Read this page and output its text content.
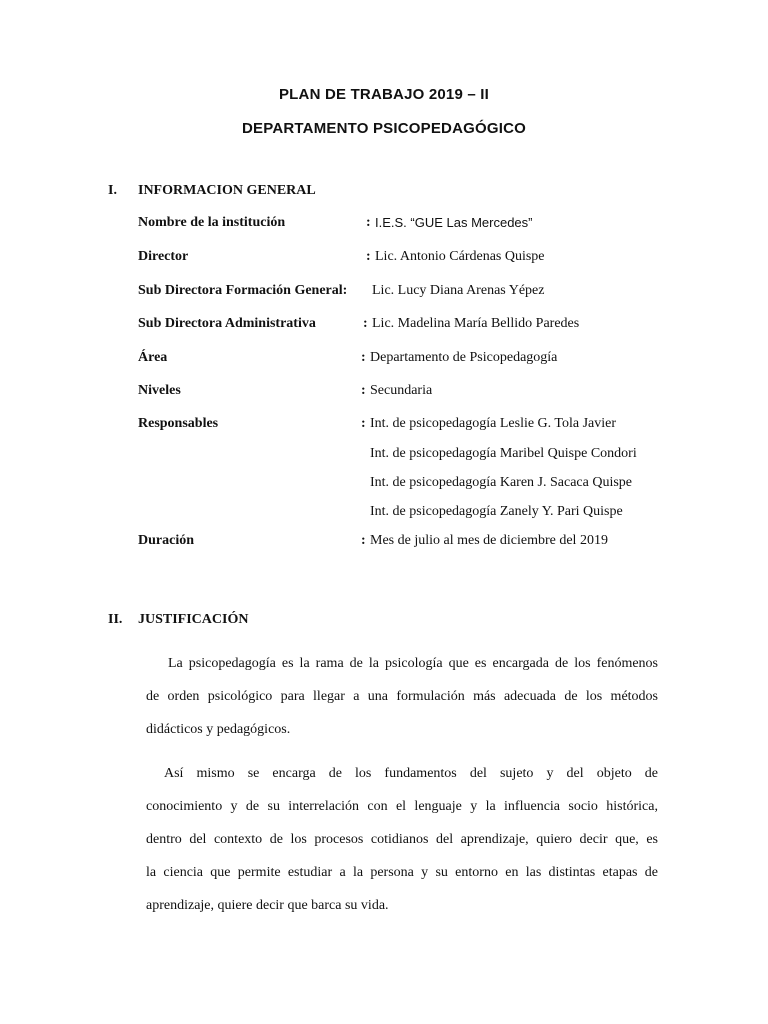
PLAN DE TRABAJO 2019 – II
DEPARTAMENTO PSICOPEDAGÓGICO
I. INFORMACION GENERAL
Nombre de la institución	: I.E.S. “GUE Las Mercedes”
Director	: Lic. Antonio Cárdenas Quispe
Sub Directora Formación General: Lic. Lucy Diana Arenas Yépez
Sub Directora Administrativa	: Lic. Madelina María Bellido Paredes
Área	: Departamento de Psicopedagogía
Niveles	: Secundaria
Responsables	: Int. de psicopedagogía Leslie G. Tola Javier
Int. de psicopedagogía Maribel Quispe Condori
Int. de psicopedagogía Karen J. Sacaca Quispe
Int. de psicopedagogía Zanely Y. Pari Quispe
Duración	: Mes de julio al mes de diciembre del 2019
II. JUSTIFICACIÓN
La psicopedagogía es la rama de la psicología que es encargada de los fenómenos
de orden psicológico para llegar a una formulación más adecuada de los métodos
didácticos y pedagógicos.
Así mismo se encarga de los fundamentos del sujeto y del objeto de
conocimiento y de su interrelación con el lenguaje y la influencia socio histórica,
dentro del contexto de los procesos cotidianos del aprendizaje, quiero decir que, es
la ciencia que permite estudiar a la persona y su entorno en las distintas etapas de
aprendizaje, quiere decir que barca su vida.
